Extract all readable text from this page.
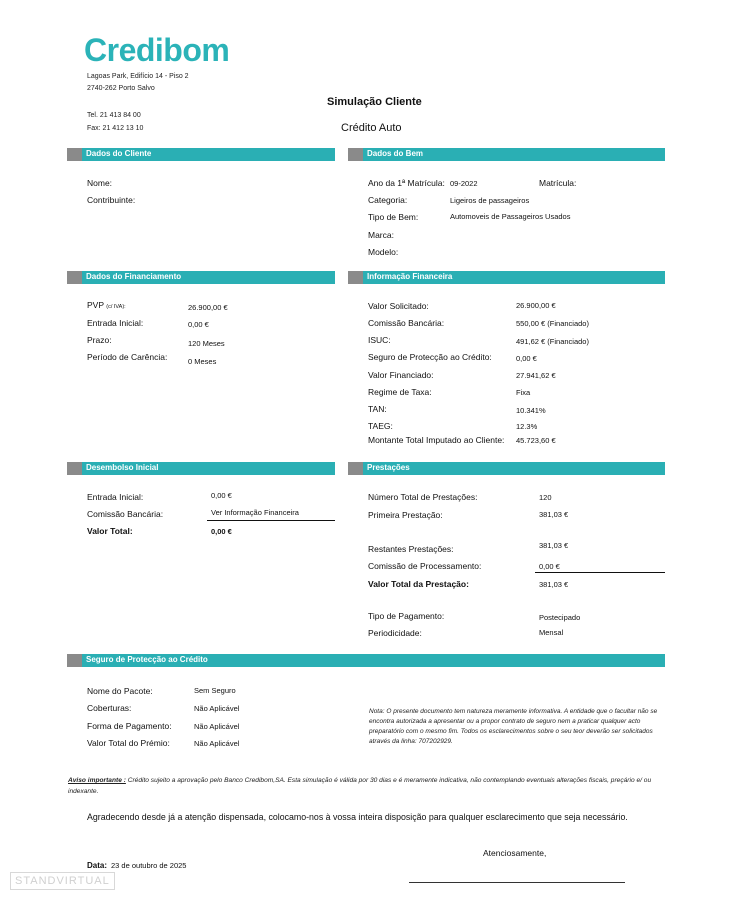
Credibom
Lagoas Park, Edifício 14 - Piso 2
2740-262 Porto Salvo
Tel. 21 413 84 00
Fax: 21 412 13 10
Simulação Cliente
Crédito Auto
Dados do Cliente	Dados do Bem
Nome:
Contribuinte:
Ano da 1ª Matrícula: 09-2022	Matrícula:
Categoria:	Ligeiros de passageiros
Tipo de Bem:	Automoveis de Passageiros Usados
Marca:
Modelo:
Dados do Financiamento	Informação Financeira
PVP (c/ IVA):	26.900,00 €
Entrada Inicial:	0,00 €
Prazo:	120 Meses
Período de Carência:	0 Meses
Valor Solicitado:	26.900,00 €
Comissão Bancária:	550,00 € (Financiado)
ISUC:	491,62 € (Financiado)
Seguro de Protecção ao Crédito:	0,00 €
Valor Financiado:	27.941,62 €
Regime de Taxa:	Fixa
TAN:	10.341%
TAEG:	12.3%
Montante Total Imputado ao Cliente: 45.723,60 €
Desembolso Inicial	Prestações
Entrada Inicial:	0,00 €
Comissão Bancária:	Ver Informação Financeira
Valor Total:	0,00 €
Número Total de Prestações:	120
Primeira Prestação:	381,03 €
Restantes Prestações:	381,03 €
Comissão de Processamento:	0,00 €
Valor Total da Prestação:	381,03 €
Tipo de Pagamento:	Postecipado
Periodicidade:	Mensal
Seguro de Protecção ao Crédito
Nome do Pacote:	Sem Seguro
Coberturas:	Não Aplicável
Forma de Pagamento:	Não Aplicável
Valor Total do Prémio:	Não Aplicável
Nota: O presente documento tem natureza meramente informativa. A entidade que o facultar não se encontra autorizada a apresentar ou a propor contrato de seguro nem a praticar qualquer acto preparatório com o mesmo fim. Todos os esclarecimentos sobre o seu teor deverão ser solicitados através da linha: 707202929.
Aviso importante : Crédito sujeito a aprovação pelo Banco Credibom,SA. Esta simulação é válida por 30 dias e é meramente indicativa, não contemplando eventuais alterações fiscais, preçário e/ ou indexante.
Agradecendo desde já a atenção dispensada, colocamo-nos à vossa inteira disposição para qualquer esclarecimento que seja necessário.
Atenciosamente,
Data: 23 de outubro de 2025
STANDVIRTUAL
